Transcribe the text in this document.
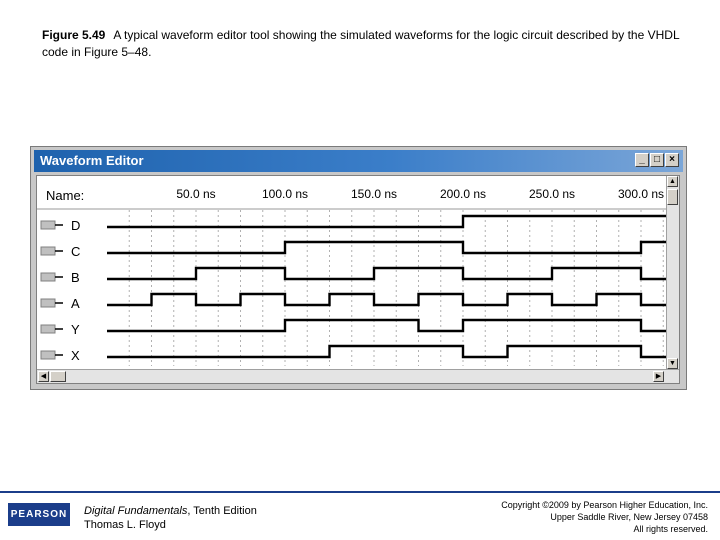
Figure 5.49 A typical waveform editor tool showing the simulated waveforms for the logic circuit described by the VHDL code in Figure 5–48.
Waveform Editor	_ □ ×
Name:	50.0 ns	100.0 ns	150.0 ns	200.0 ns	250.0 ns	300.0 ns
D
C
B
A
Y
X
▲
▼
◀	▶
PEARSON Digital Fundamentals, Tenth Edition
Thomas L. Floyd
Copyright ©2009 by Pearson Higher Education, Inc.
Upper Saddle River, New Jersey 07458
All rights reserved.
